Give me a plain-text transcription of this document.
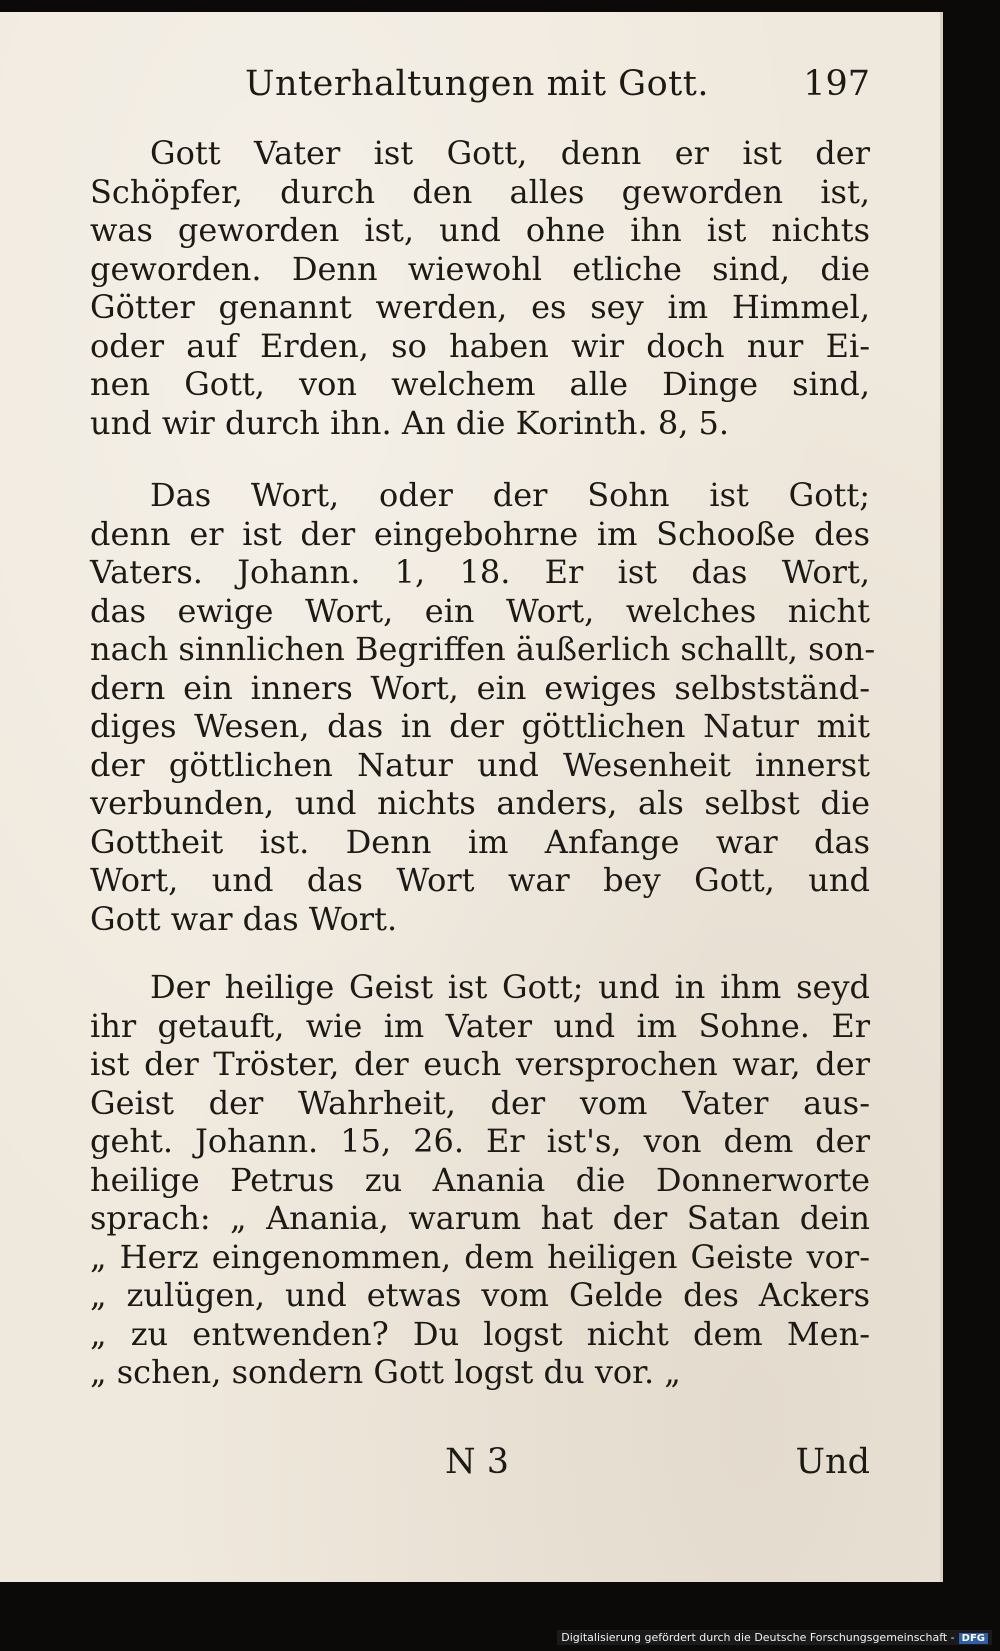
Unterhaltungen mit Gott.	197
Gott Vater ist Gott, denn er ist der
Schöpfer, durch den alles geworden ist,
was geworden ist, und ohne ihn ist nichts
geworden. Denn wiewohl etliche sind, die
Götter genannt werden, es sey im Himmel,
oder auf Erden, so haben wir doch nur Ei-
nen Gott, von welchem alle Dinge sind,
und wir durch ihn. An die Korinth. 8, 5.
Das Wort, oder der Sohn ist Gott;
denn er ist der eingebohrne im Schooße des
Vaters. Johann. 1, 18. Er ist das Wort,
das ewige Wort, ein Wort, welches nicht
nach sinnlichen Begriffen äußerlich schallt, son-
dern ein inners Wort, ein ewiges selbstständ-
diges Wesen, das in der göttlichen Natur mit
der göttlichen Natur und Wesenheit innerst
verbunden, und nichts anders, als selbst die
Gottheit ist. Denn im Anfange war das
Wort, und das Wort war bey Gott, und
Gott war das Wort.
Der heilige Geist ist Gott; und in ihm seyd
ihr getauft, wie im Vater und im Sohne. Er
ist der Tröster, der euch versprochen war, der
Geist der Wahrheit, der vom Vater aus-
geht. Johann. 15, 26. Er ist's, von dem der
heilige Petrus zu Anania die Donnerworte
sprach: „ Anania, warum hat der Satan dein
„ Herz eingenommen, dem heiligen Geiste vor-
„ zulügen, und etwas vom Gelde des Ackers
„ zu entwenden? Du logst nicht dem Men-
„ schen, sondern Gott logst du vor. „
N 3	Und
Digitalisierung gefördert durch die Deutsche Forschungsgemeinschaft - DFG
